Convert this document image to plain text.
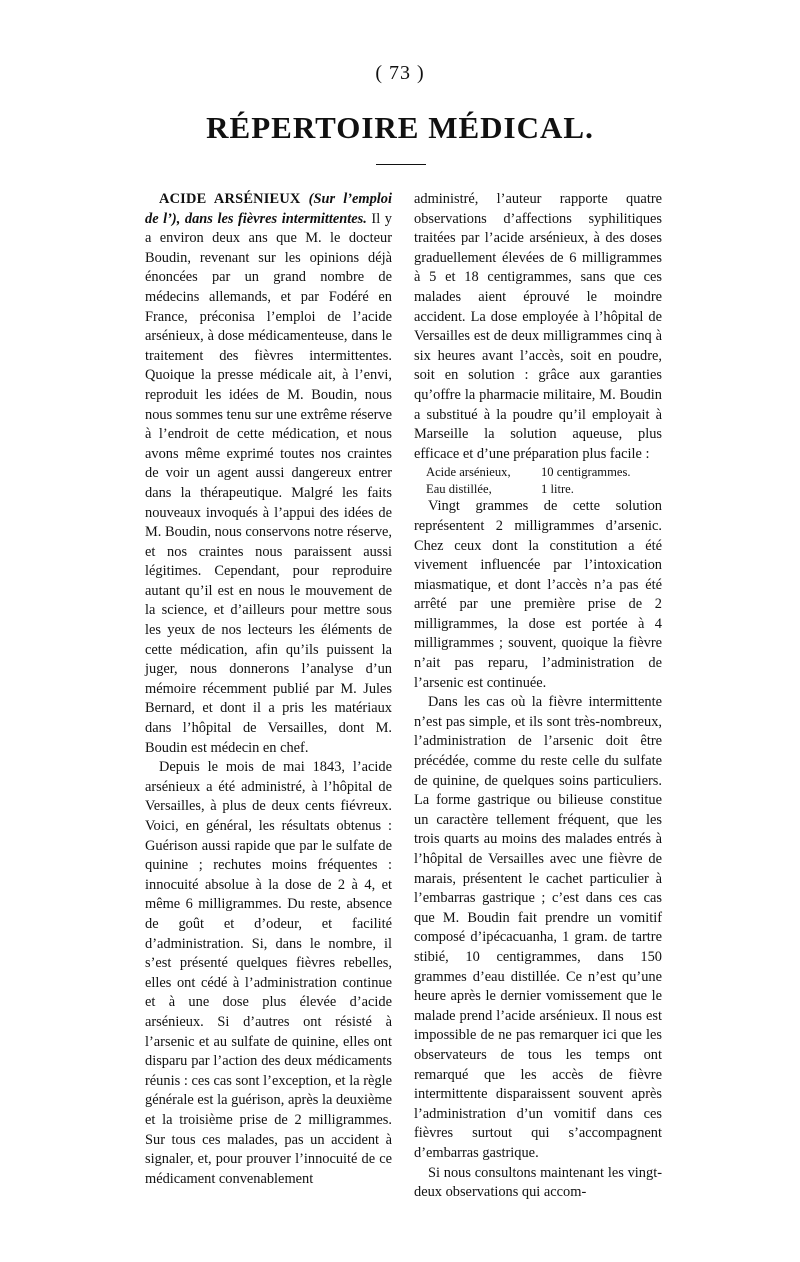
( 73 )
RÉPERTOIRE MÉDICAL.

ACIDE ARSÉNIEUX (Sur l’emploi de l’), dans les fièvres intermittentes. Il y a environ deux ans que M. le docteur Boudin, revenant sur les opinions déjà énoncées par un grand nombre de médecins allemands, et par Fodéré en France, préconisa l’emploi de l’acide arsénieux, à dose médicamenteuse, dans le traitement des fièvres intermittentes. Quoique la presse médicale ait, à l’envi, reproduit les idées de M. Boudin, nous nous sommes tenu sur une extrême réserve à l’endroit de cette médication, et nous avons même exprimé toutes nos craintes de voir un agent aussi dangereux entrer dans la thérapeutique. Malgré les faits nouveaux invoqués à l’appui des idées de M. Boudin, nous conservons notre réserve, et nos craintes nous paraissent aussi légitimes. Cependant, pour reproduire autant qu’il est en nous le mouvement de la science, et d’ailleurs pour mettre sous les yeux de nos lecteurs les éléments de cette médication, afin qu’ils puissent la juger, nous donnerons l’analyse d’un mémoire récemment publié par M. Jules Bernard, et dont il a pris les matériaux dans l’hôpital de Versailles, dont M. Boudin est médecin en chef.

Depuis le mois de mai 1843, l’acide arsénieux a été administré, à l’hôpital de Versailles, à plus de deux cents fiévreux. Voici, en général, les résultats obtenus : Guérison aussi rapide que par le sulfate de quinine ; rechutes moins fréquentes : innocuité absolue à la dose de 2 à 4, et même 6 milligrammes. Du reste, absence de goût et d’odeur, et facilité d’administration. Si, dans le nombre, il s’est présenté quelques fièvres rebelles, elles ont cédé à l’administration continue et à une dose plus élevée d’acide arsénieux. Si d’autres ont résisté à l’arsenic et au sulfate de quinine, elles ont disparu par l’action des deux médicaments réunis : ces cas sont l’exception, et la règle générale est la guérison, après la deuxième et la troisième prise de 2 milligrammes. Sur tous ces malades, pas un accident à signaler, et, pour prouver l’innocuité de ce médicament convenablement

administré, l’auteur rapporte quatre observations d’affections syphilitiques traitées par l’acide arsénieux, à des doses graduellement élevées de 6 milligrammes à 5 et 18 centigrammes, sans que ces malades aient éprouvé le moindre accident. La dose employée à l’hôpital de Versailles est de deux milligrammes cinq à six heures avant l’accès, soit en poudre, soit en solution : grâce aux garanties qu’offre la pharmacie militaire, M. Boudin a substitué à la poudre qu’il employait à Marseille la solution aqueuse, plus efficace et d’une préparation plus facile :

Acide arsénieux,	10 centigrammes.
Eau distillée,	1 litre.

Vingt grammes de cette solution représentent 2 milligrammes d’arsenic. Chez ceux dont la constitution a été vivement influencée par l’intoxication miasmatique, et dont l’accès n’a pas été arrêté par une première prise de 2 milligrammes, la dose est portée à 4 milligrammes ; souvent, quoique la fièvre n’ait pas reparu, l’administration de l’arsenic est continuée.

Dans les cas où la fièvre intermittente n’est pas simple, et ils sont très-nombreux, l’administration de l’arsenic doit être précédée, comme du reste celle du sulfate de quinine, de quelques soins particuliers. La forme gastrique ou bilieuse constitue un caractère tellement fréquent, que les trois quarts au moins des malades entrés à l’hôpital de Versailles avec une fièvre de marais, présentent le cachet particulier à l’embarras gastrique ; c’est dans ces cas que M. Boudin fait prendre un vomitif composé d’ipécacuanha, 1 gram. de tartre stibié, 10 centigrammes, dans 150 grammes d’eau distillée. Ce n’est qu’une heure après le dernier vomissement que le malade prend l’acide arsénieux. Il nous est impossible de ne pas remarquer ici que les observateurs de tous les temps ont remarqué que les accès de fièvre intermittente disparaissent souvent après l’administration d’un vomitif dans ces fièvres surtout qui s’accompagnent d’embarras gastrique.

Si nous consultons maintenant les vingt-deux observations qui accom-
